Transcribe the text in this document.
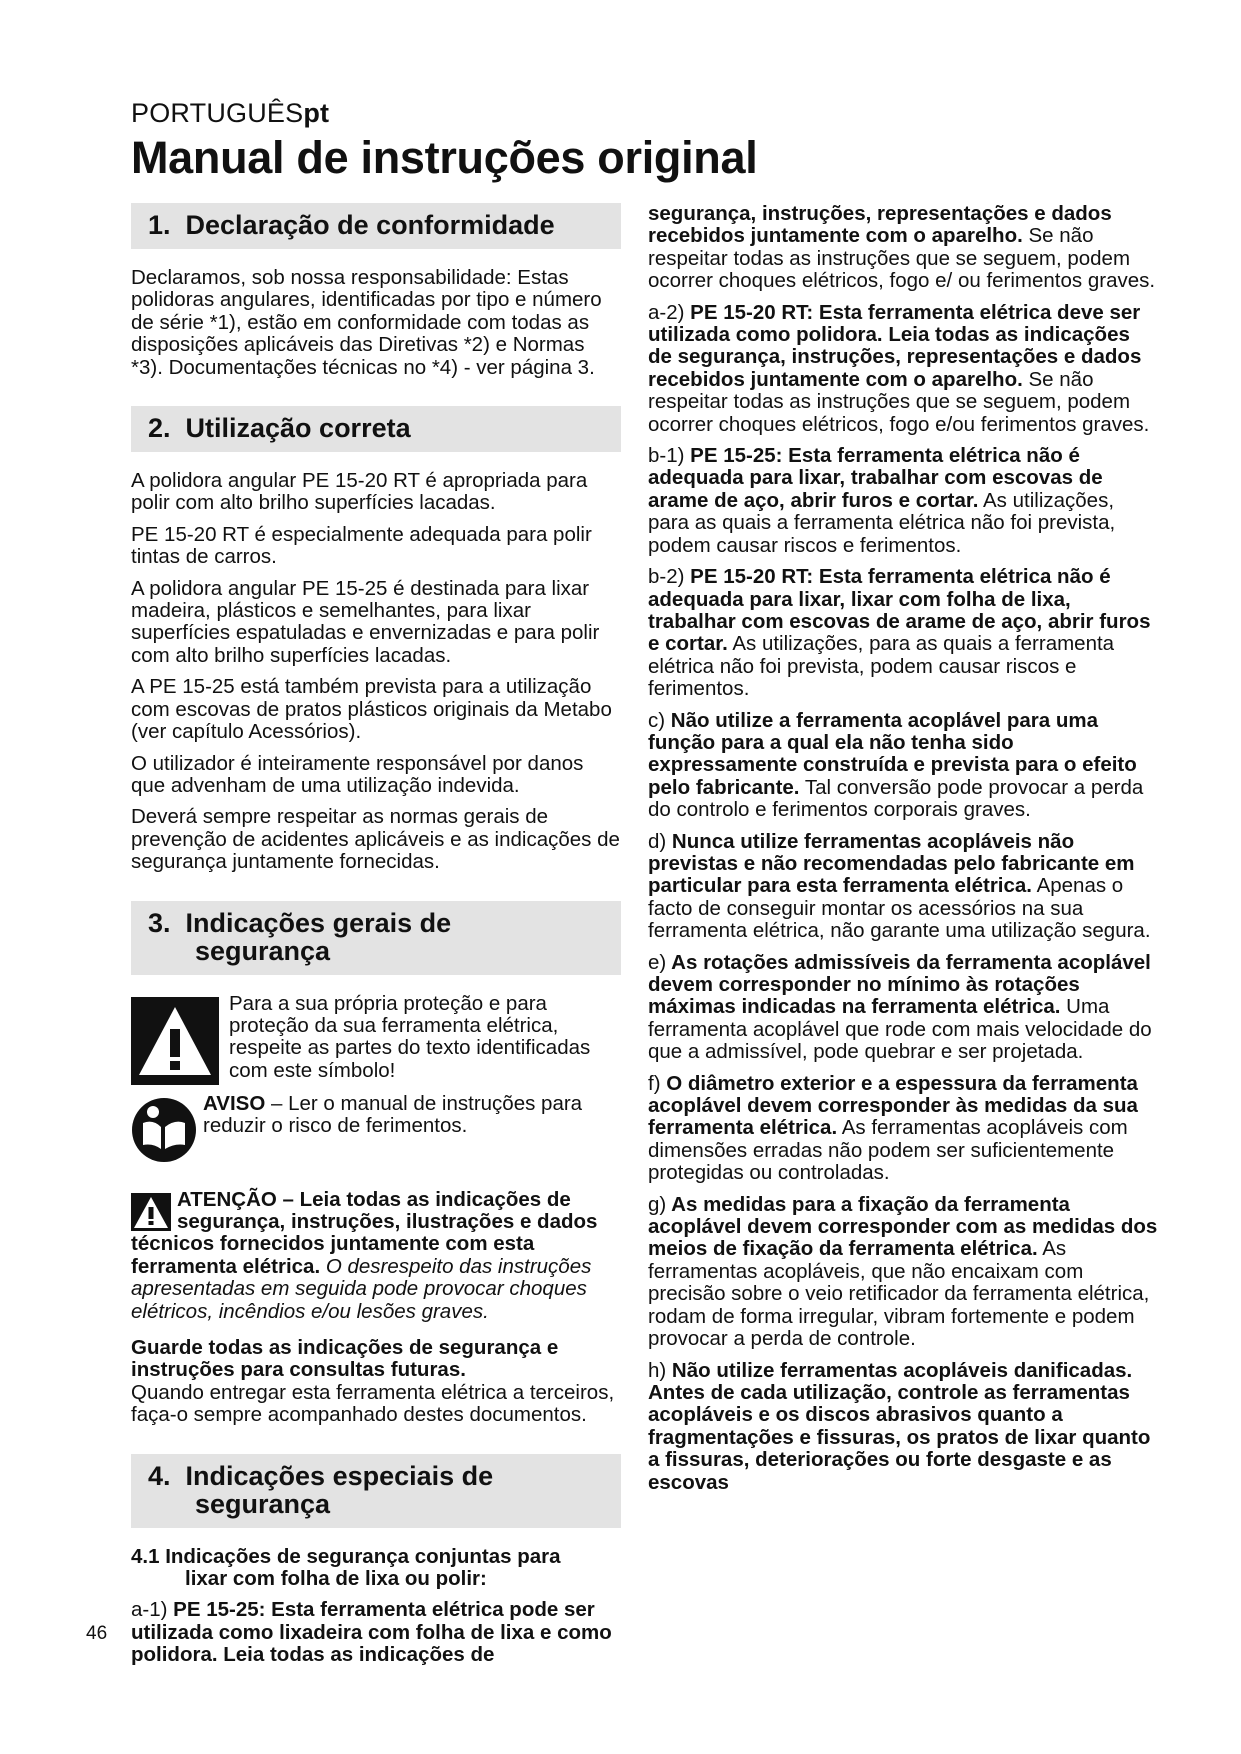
PORTUGUÊSpt
Manual de instruções original
1. Declaração de conformidade

Declaramos, sob nossa responsabilidade: Estas polidoras angulares, identificadas por tipo e número de série *1), estão em conformidade com todas as disposições aplicáveis das Diretivas *2) e Normas *3). Documentações técnicas no *4) - ver página 3.

2. Utilização correta

A polidora angular PE 15-20 RT é apropriada para polir com alto brilho superfícies lacadas.

PE 15-20 RT é especialmente adequada para polir tintas de carros.

A polidora angular PE 15-25 é destinada para lixar madeira, plásticos e semelhantes, para lixar superfícies espatuladas e envernizadas e para polir com alto brilho superfícies lacadas.

A PE 15-25 está também prevista para a utilização com escovas de pratos plásticos originais da Metabo (ver capítulo Acessórios).

O utilizador é inteiramente responsável por danos que advenham de uma utilização indevida.

Deverá sempre respeitar as normas gerais de prevenção de acidentes aplicáveis e as indicações de segurança juntamente fornecidas.

3. Indicações gerais de
segurança
Para a sua própria proteção e para proteção da sua ferramenta elétrica, respeite as partes do texto identificadas com este símbolo!
AVISO – Ler o manual de instruções para reduzir o risco de ferimentos.

ATENÇÃO – Leia todas as indicações de segurança, instruções, ilustrações e dados técnicos fornecidos juntamente com esta ferramenta elétrica. O desrespeito das instruções apresentadas em seguida pode provocar choques elétricos, incêndios e/ou lesões graves.

Guarde todas as indicações de segurança e instruções para consultas futuras.
Quando entregar esta ferramenta elétrica a terceiros, faça-o sempre acompanhado destes documentos.

4. Indicações especiais de
segurança

4.1 Indicações de segurança conjuntas para
lixar com folha de lixa ou polir:

a-1) PE 15-25: Esta ferramenta elétrica pode ser utilizada como lixadeira com folha de lixa e como polidora. Leia todas as indicações de

segurança, instruções, representações e dados recebidos juntamente com o aparelho. Se não respeitar todas as instruções que se seguem, podem ocorrer choques elétricos, fogo e/ ou ferimentos graves.

a-2) PE 15-20 RT: Esta ferramenta elétrica deve ser utilizada como polidora. Leia todas as indicações de segurança, instruções, representações e dados recebidos juntamente com o aparelho. Se não respeitar todas as instruções que se seguem, podem ocorrer choques elétricos, fogo e/ou ferimentos graves.

b-1) PE 15-25: Esta ferramenta elétrica não é adequada para lixar, trabalhar com escovas de arame de aço, abrir furos e cortar. As utilizações, para as quais a ferramenta elétrica não foi prevista, podem causar riscos e ferimentos.

b-2) PE 15-20 RT: Esta ferramenta elétrica não é adequada para lixar, lixar com folha de lixa, trabalhar com escovas de arame de aço, abrir furos e cortar. As utilizações, para as quais a ferramenta elétrica não foi prevista, podem causar riscos e ferimentos.

c) Não utilize a ferramenta acoplável para uma função para a qual ela não tenha sido expressamente construída e prevista para o efeito pelo fabricante. Tal conversão pode provocar a perda do controlo e ferimentos corporais graves.

d) Nunca utilize ferramentas acopláveis não previstas e não recomendadas pelo fabricante em particular para esta ferramenta elétrica. Apenas o facto de conseguir montar os acessórios na sua ferramenta elétrica, não garante uma utilização segura.

e) As rotações admissíveis da ferramenta acoplável devem corresponder no mínimo às rotações máximas indicadas na ferramenta elétrica. Uma ferramenta acoplável que rode com mais velocidade do que a admissível, pode quebrar e ser projetada.

f) O diâmetro exterior e a espessura da ferramenta acoplável devem corresponder às medidas da sua ferramenta elétrica. As ferramentas acopláveis com dimensões erradas não podem ser suficientemente protegidas ou controladas.

g) As medidas para a fixação da ferramenta acoplável devem corresponder com as medidas dos meios de fixação da ferramenta elétrica. As ferramentas acopláveis, que não encaixam com precisão sobre o veio retificador da ferramenta elétrica, rodam de forma irregular, vibram fortemente e podem provocar a perda de controle.

h) Não utilize ferramentas acopláveis danificadas. Antes de cada utilização, controle as ferramentas acopláveis e os discos abrasivos quanto a fragmentações e fissuras, os pratos de lixar quanto a fissuras, deteriorações ou forte desgaste e as escovas

46
